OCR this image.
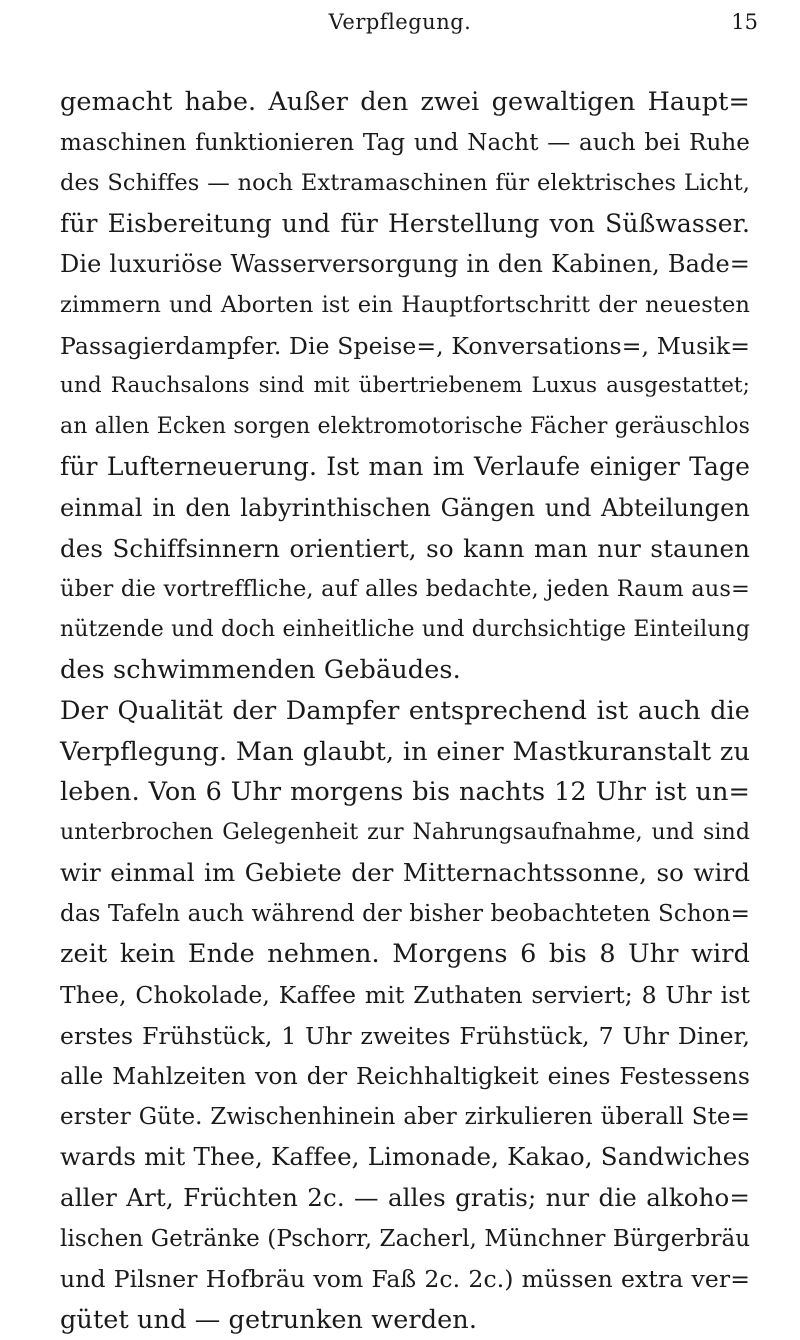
Verpflegung.	15
gemacht habe. Außer den zwei gewaltigen Haupt=
maschinen funktionieren Tag und Nacht — auch bei Ruhe
des Schiffes — noch Extramaschinen für elektrisches Licht,
für Eisbereitung und für Herstellung von Süßwasser.
Die luxuriöse Wasserversorgung in den Kabinen, Bade=
zimmern und Aborten ist ein Hauptfortschritt der neuesten
Passagierdampfer. Die Speise=, Konversations=, Musik=
und Rauchsalons sind mit übertriebenem Luxus ausgestattet;
an allen Ecken sorgen elektromotorische Fächer geräuschlos
für Lufterneuerung. Ist man im Verlaufe einiger Tage
einmal in den labyrinthischen Gängen und Abteilungen
des Schiffsinnern orientiert, so kann man nur staunen
über die vortreffliche, auf alles bedachte, jeden Raum aus=
nützende und doch einheitliche und durchsichtige Einteilung
des schwimmenden Gebäudes.
Der Qualität der Dampfer entsprechend ist auch die
Verpflegung. Man glaubt, in einer Mastkuranstalt zu
leben. Von 6 Uhr morgens bis nachts 12 Uhr ist un=
unterbrochen Gelegenheit zur Nahrungsaufnahme, und sind
wir einmal im Gebiete der Mitternachtssonne, so wird
das Tafeln auch während der bisher beobachteten Schon=
zeit kein Ende nehmen. Morgens 6 bis 8 Uhr wird
Thee, Chokolade, Kaffee mit Zuthaten serviert; 8 Uhr ist
erstes Frühstück, 1 Uhr zweites Frühstück, 7 Uhr Diner,
alle Mahlzeiten von der Reichhaltigkeit eines Festessens
erster Güte. Zwischenhinein aber zirkulieren überall Ste=
wards mit Thee, Kaffee, Limonade, Kakao, Sandwiches
aller Art, Früchten 2c. — alles gratis; nur die alkoho=
lischen Getränke (Pschorr, Zacherl, Münchner Bürgerbräu
und Pilsner Hofbräu vom Faß 2c. 2c.) müssen extra ver=
gütet und — getrunken werden.
